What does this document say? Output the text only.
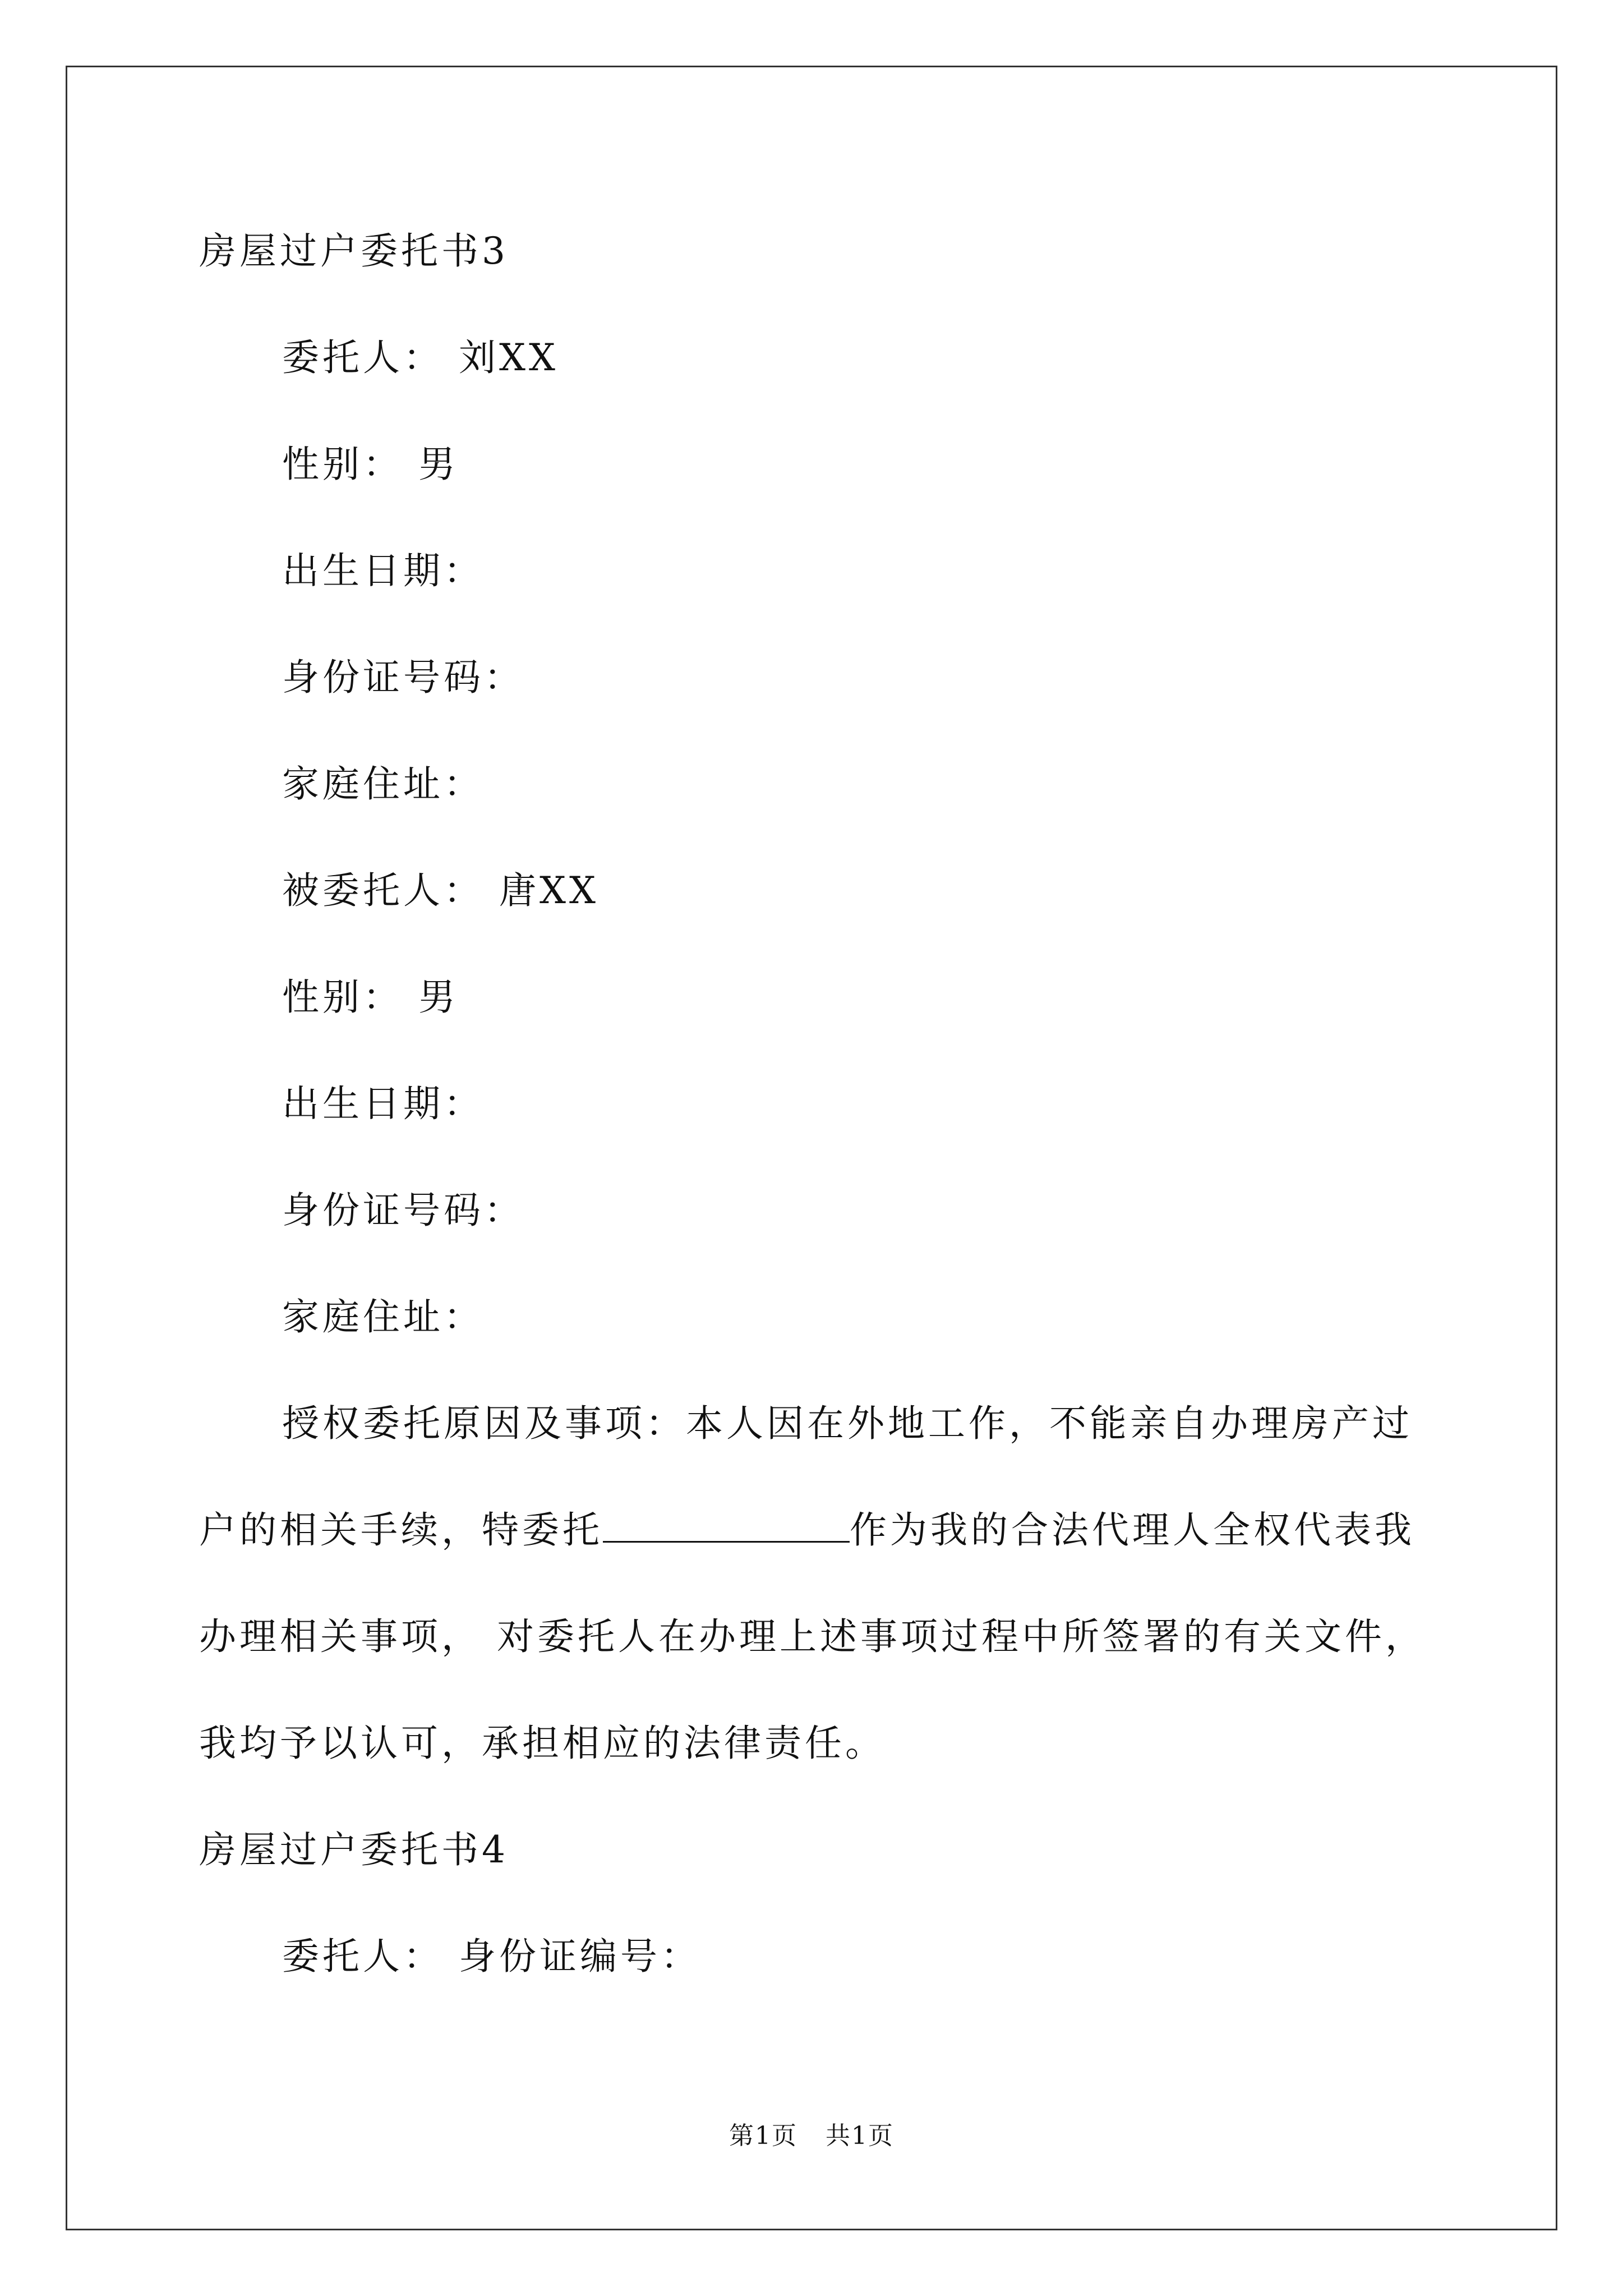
房屋过户委托书3
委托人： 刘XX
性别： 男
出生日期：
身份证号码：
家庭住址：
被委托人： 唐XX
性别： 男
出生日期：
身份证号码：
家庭住址：
授权委托原因及事项：本人因在外地工作，不能亲自办理房产过
户的相关手续，特委托	作为我的合法代理人全权代表我
办理相关事项， 对委托人在办理上述事项过程中所签署的有关文件，
我均予以认可，承担相应的法律责任。
房屋过户委托书4
委托人： 身份证编号：
第1页 共1页
